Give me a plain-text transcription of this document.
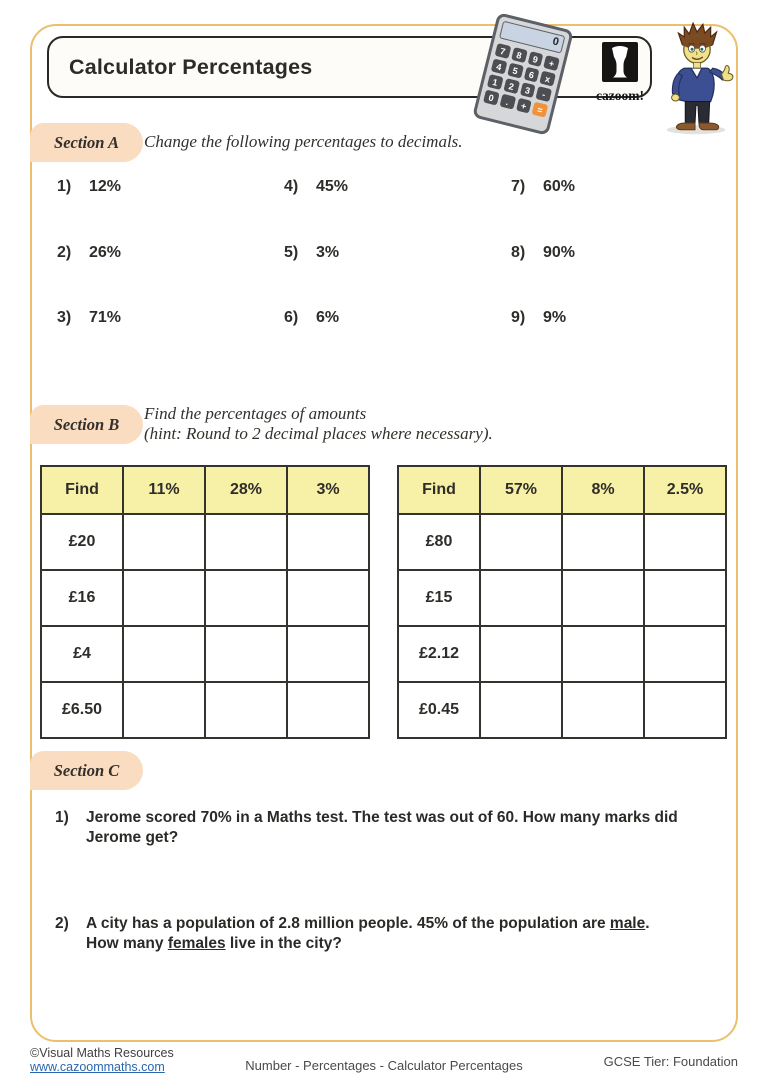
Calculator Percentages
0
7 8 9 +
4 5 6 x
1 2 3	-
0	.	+ =
cazoom!
Section A Change the following percentages to decimals.
1)	12%	4)	45%	7)	60%
2)	26%	5)	3%	8)	90%
3)	71%	6)	6%	9)	9%
Section B
Find the percentages of amounts
(hint: Round to 2 decimal places where necessary).
Find	11%	28%	3%
£20			
£16			
£4			
£6.50			
Find	57%	8%	2.5%
£80			
£15			
£2.12			
£0.45			
Section C
1)	Jerome scored 70% in a Maths test. The test was out of 60. How many marks did
Jerome get?
2)	A city has a population of 2.8 million people. 45% of the population are male.
How many females live in the city?
©Visual Maths Resources
www.cazoommaths.com	Number - Percentages - Calculator Percentages	GCSE Tier: Foundation
